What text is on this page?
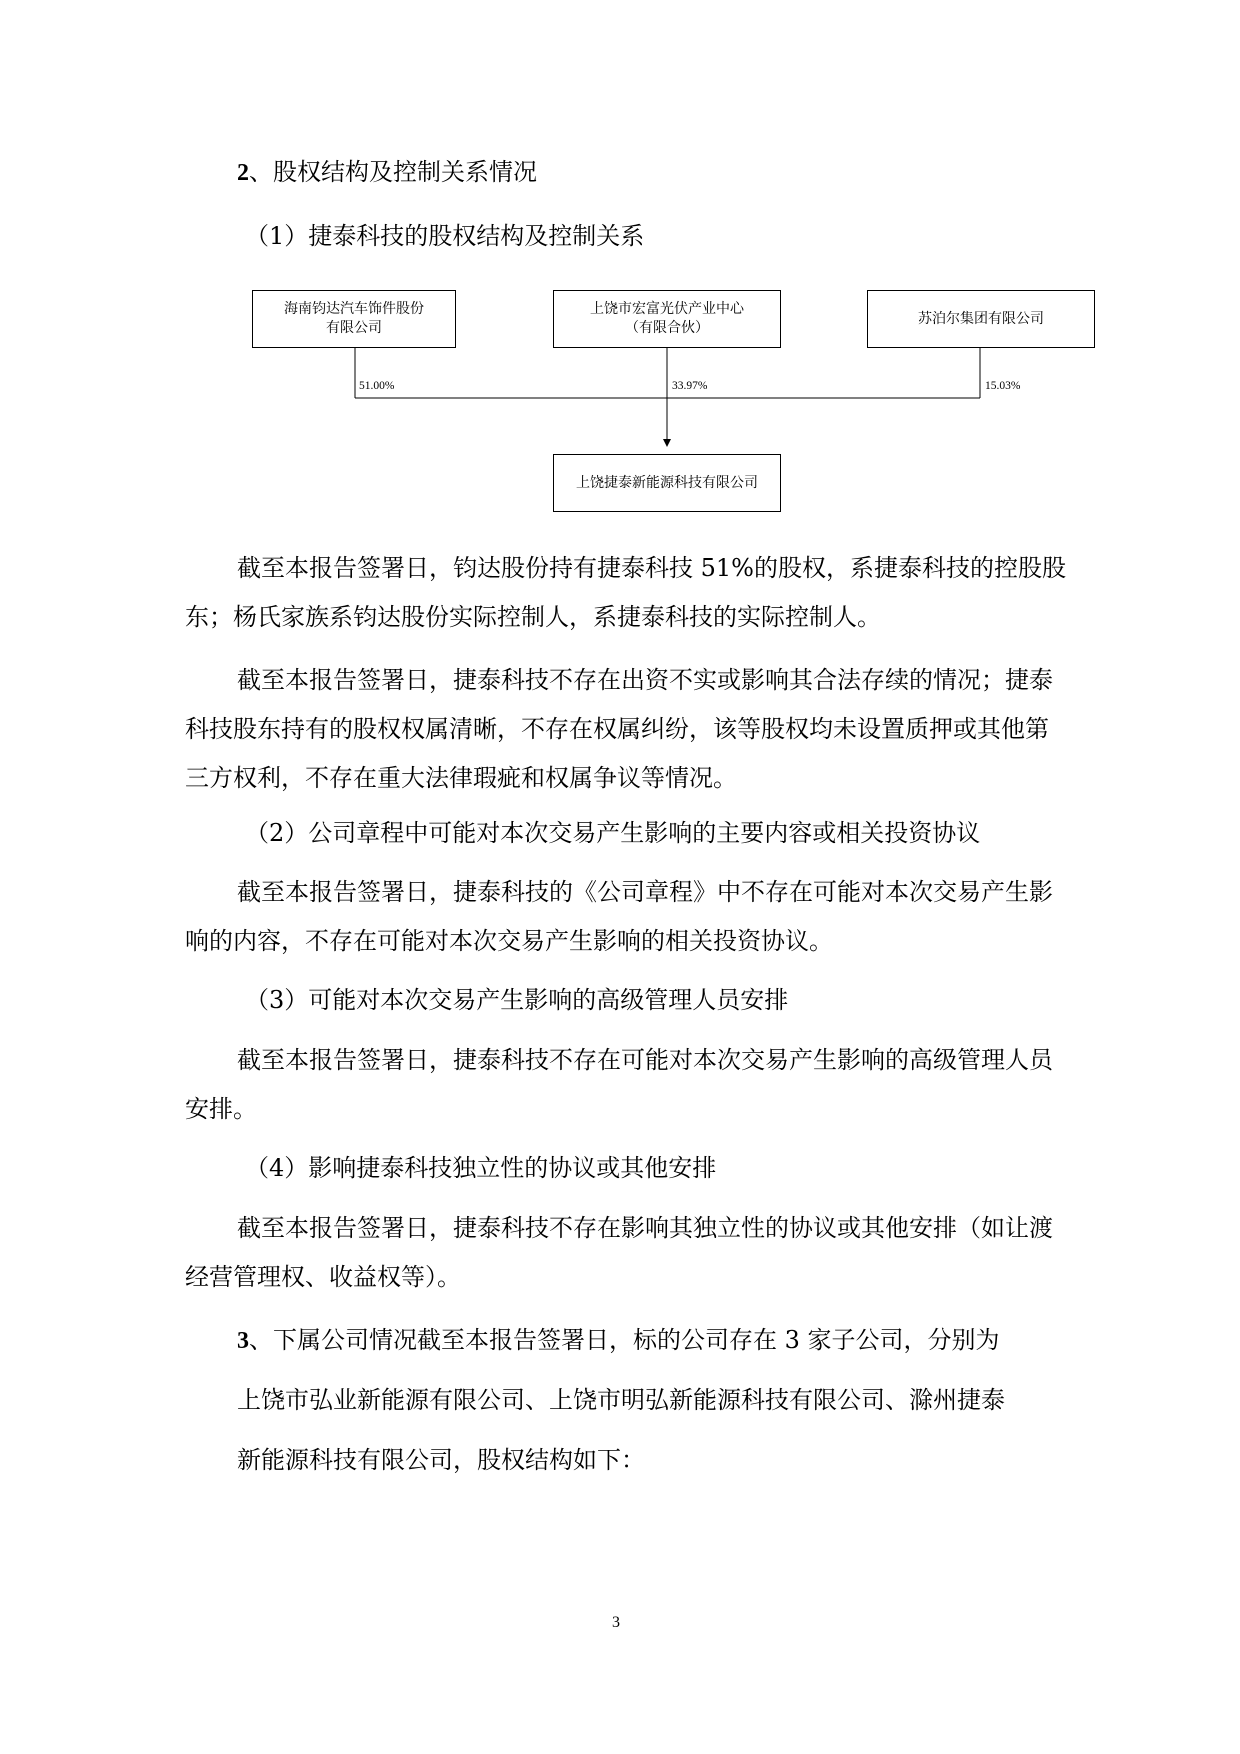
2、股权结构及控制关系情况
（1）捷泰科技的股权结构及控制关系
海南钧达汽车饰件股份
有限公司
上饶市宏富光伏产业中心
（有限合伙）
苏泊尔集团有限公司
51.00%	33.97%	15.03%
上饶捷泰新能源科技有限公司
截至本报告签署日，钧达股份持有捷泰科技 51%的股权，系捷泰科技的控股股
东；杨氏家族系钧达股份实际控制人，系捷泰科技的实际控制人。
截至本报告签署日，捷泰科技不存在出资不实或影响其合法存续的情况；捷泰
科技股东持有的股权权属清晰，不存在权属纠纷，该等股权均未设置质押或其他第
三方权利，不存在重大法律瑕疵和权属争议等情况。
（2）公司章程中可能对本次交易产生影响的主要内容或相关投资协议
截至本报告签署日，捷泰科技的《公司章程》中不存在可能对本次交易产生影
响的内容，不存在可能对本次交易产生影响的相关投资协议。
（3）可能对本次交易产生影响的高级管理人员安排
截至本报告签署日，捷泰科技不存在可能对本次交易产生影响的高级管理人员
安排。
（4）影响捷泰科技独立性的协议或其他安排
截至本报告签署日，捷泰科技不存在影响其独立性的协议或其他安排（如让渡
经营管理权、收益权等）。
3、下属公司情况截至本报告签署日，标的公司存在 3 家子公司，分别为
上饶市弘业新能源有限公司、上饶市明弘新能源科技有限公司、滁州捷泰
新能源科技有限公司，股权结构如下：
3
